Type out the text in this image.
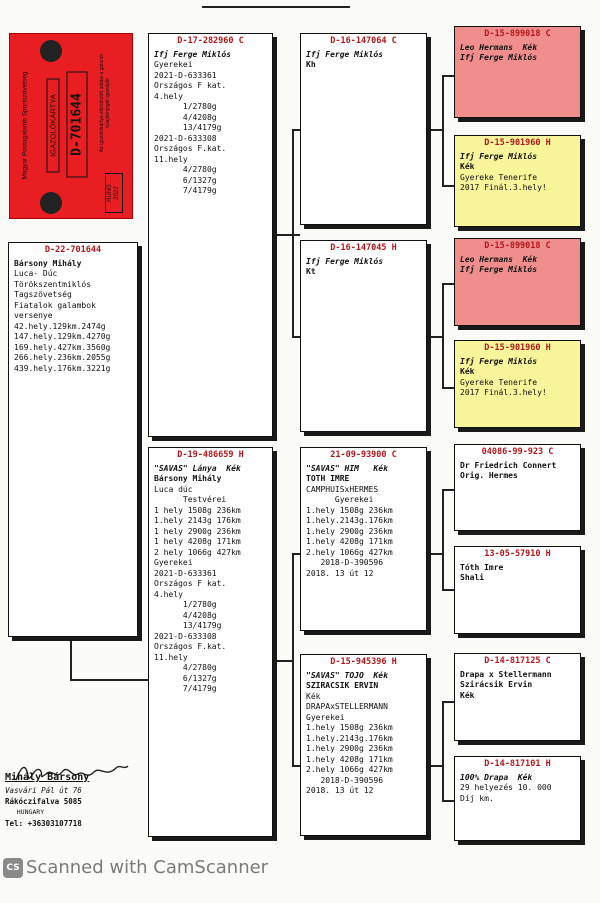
Magyar Postagalamb Sportszövetség	IGAZOLÓKÁRTYA D-701644	Az igazolókártya ellenőrzött adatai a galamb tulajdonjogát igazolják
HUNG
2022
D-22-701644
Bársony Mihály
Luca- Dúc
Törökszentmiklós
Tagszövetség
Fiatalok galambok
versenye
42.hely.129km.2474g
147.hely.129km.4270g
169.hely.427km.3560g
266.hely.236km.2055g
439.hely.176km.3221g
D-17-282960 C
Ifj Ferge Miklós
Gyerekei
2021-D-633361
Országos F kat.
4.hely
1/2780g
4/4208g
13/4179g
2021-D-633308
Országos F.kat.
11.hely
4/2780g
6/1327g
7/4179g
D-19-486659 H
"SAVAS" Lánya  Kék
Bársony Mihály
Luca dúc
Testvérei
1 hely 1508g 236km
1.hely 2143g 176km
1 hely 2900g 236km
1 hely 4208g 171km
2 hely 1066g 427km
Gyerekei
2021-D-633361
Országos F kat.
4.hely
1/2780g
4/4208g
13/4179g
2021-D-633308
Országos F.kat.
11.hely
4/2780g
6/1327g
7/4179g
D-16-147064 C
Ifj Ferge Miklós
Kh
D-16-147045 H
Ifj Ferge Miklós
Kt
21-09-93900 C
"SAVAS" HIM   Kék
TOTH IMRE
CAMPHUISxHERMES
Gyerekei
1.hely 1508g 236km
1.hely.2143g.176km
1.hely 2900g 236km
1.hely 4208g 171km
2.hely 1066g 427km
2018-D-390596
2018. 13 út 12
D-15-945396 H
"SAVAS" TOJO  Kék
SZIRACSIK ERVIN
Kék
DRAPAxSTELLERMANN
Gyerekei
1.hely 1508g 236km
1.hely.2143g.176km
1.hely 2900g 236km
1.hely 4208g 171km
2.hely 1066g 427km
2018-D-390596
2018. 13 út 12
D-15-899018 C
Leo Hermans  Kék
Ifj Ferge Miklós
D-15-901960 H
Ifj Ferge Miklós
Kék
Gyereke Tenerife
2017 Finál.3.hely!
D-15-899018 C
Leo Hermans  Kék
Ifj Ferge Miklós
D-15-901960 H
Ifj Ferge Miklós
Kék
Gyereke Tenerife
2017 Finál.3.hely!
04086-99-923 C
Dr Friedrich Connert
Orig. Hermes
13-05-57910 H
Tóth Imre
Shali
D-14-817125 C
Drapa x Stellermann
Szirácsik Ervin
Kék
D-14-817101 H
100% Drapa  Kék
29 helyezés 10. 000
Díj km.
Mihály Bársony
Vasvári Pál út 76
Rákóczifalva 5085
HUNGARY
Tel: +36303107718
CS Scanned with CamScanner
